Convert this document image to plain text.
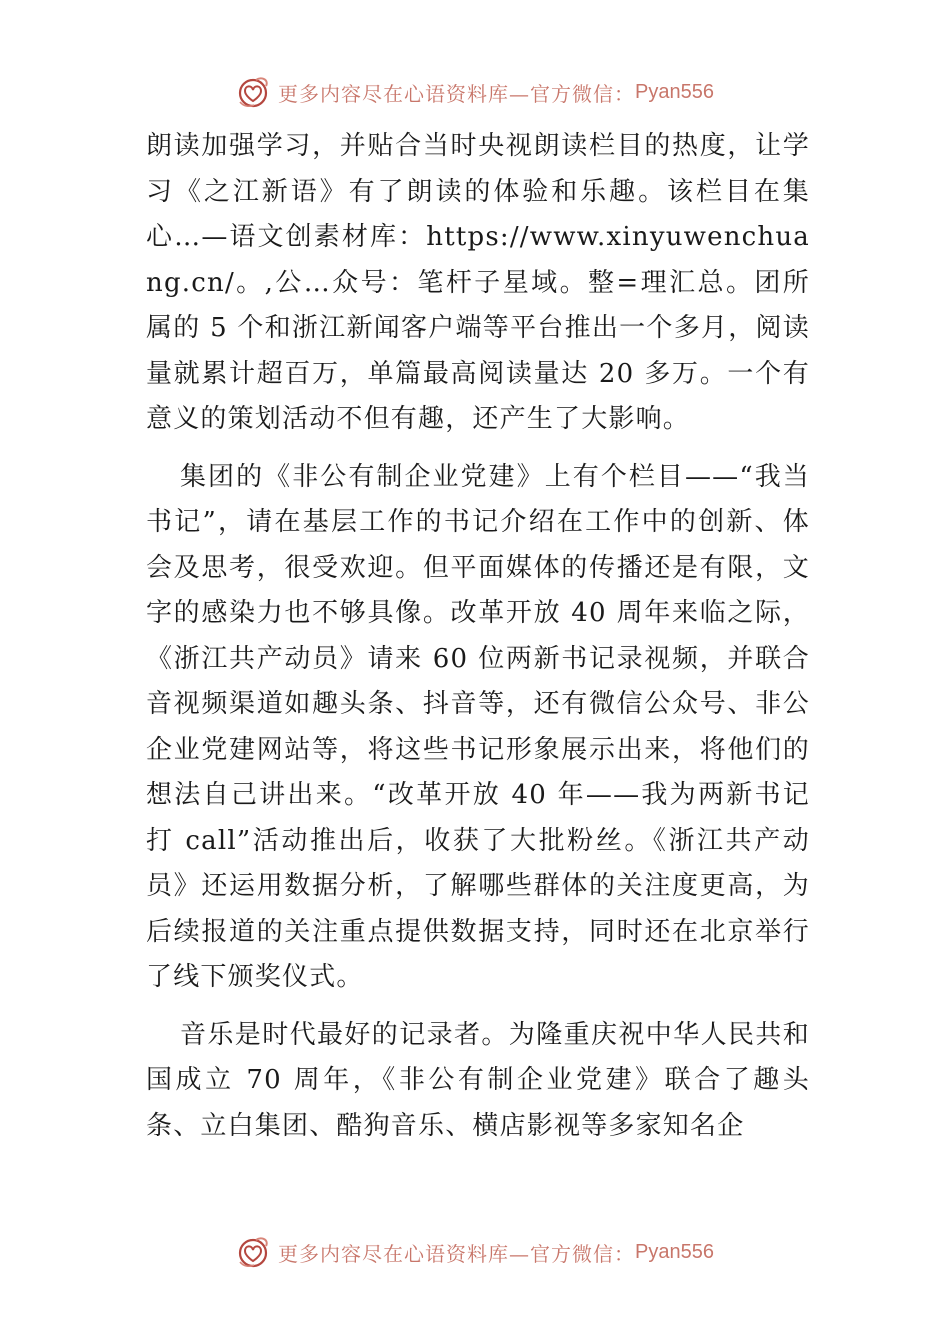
更多内容尽在心语资料库—官方微信： Pyan556

朗读加强学习，并贴合当时央视朗读栏目的热度，让学习《之江新语》有了朗读的体验和乐趣。该栏目在集心…—语文创素材库：https://www.xinyuwenchuang.cn/。,公…众号：笔杆子星域。整=理汇总。团所属的 5 个和浙江新闻客户端等平台推出一个多月，阅读量就累计超百万，单篇最高阅读量达 20 多万。一个有意义的策划活动不但有趣，还产生了大影响。

集团的《非公有制企业党建》上有个栏目——“我当书记”，请在基层工作的书记介绍在工作中的创新、体会及思考，很受欢迎。但平面媒体的传播还是有限，文字的感染力也不够具像。改革开放 40 周年来临之际，《浙江共产动员》请来 60 位两新书记录视频，并联合音视频渠道如趣头条、抖音等，还有微信公众号、非公企业党建网站等，将这些书记形象展示出来，将他们的想法自己讲出来。“改革开放 40 年——我为两新书记 打 call”活动推出后，收获了大批粉丝。《浙江共产动员》还运用数据分析，了解哪些群体的关注度更高，为后续报道的关注重点提供数据支持，同时还在北京举行了线下颁奖仪式。

音乐是时代最好的记录者。为隆重庆祝中华人民共和国成立 70 周年，《非公有制企业党建》联合了趣头条、立白集团、酷狗音乐、横店影视等多家知名企

更多内容尽在心语资料库—官方微信： Pyan556
